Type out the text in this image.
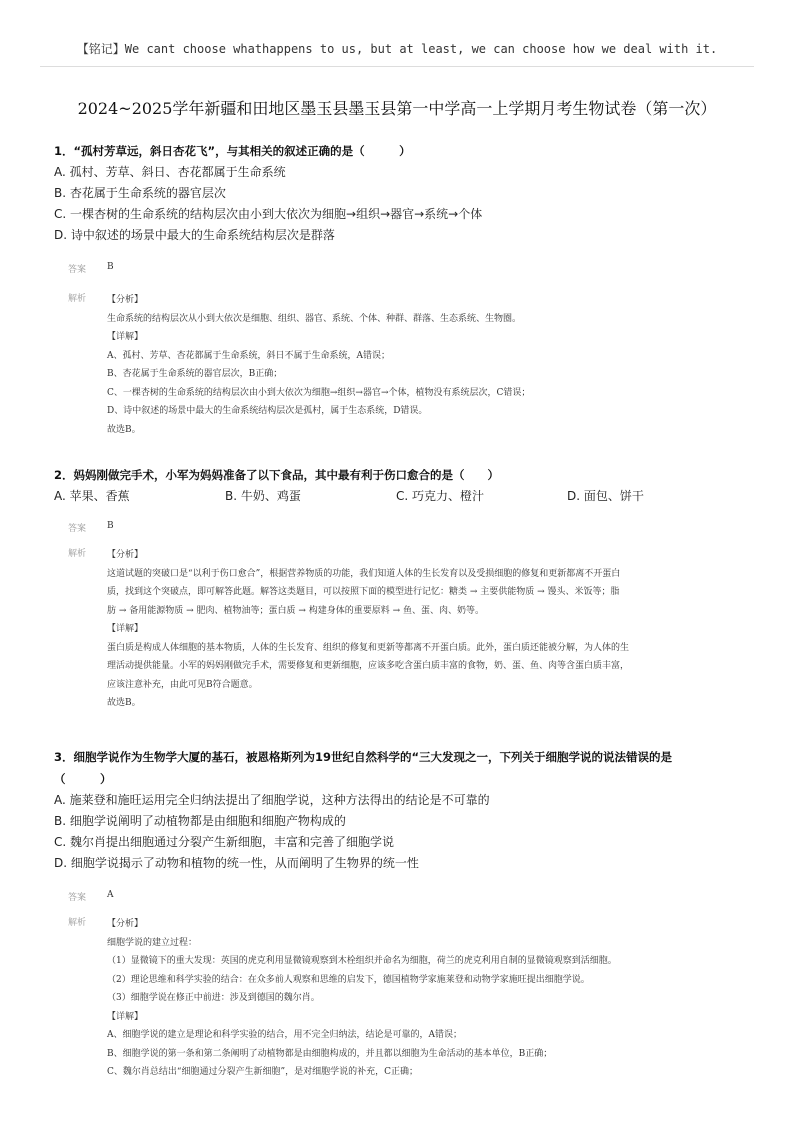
【铭记】We cant choose whathappens to us, but at least, we can choose how we deal with it.
2024~2025学年新疆和田地区墨玉县墨玉县第一中学高一上学期月考生物试卷（第一次）

1．“孤村芳草远，斜日杏花飞”，与其相关的叙述正确的是（　　　）

A. 孤村、芳草、斜日、杏花都属于生命系统

B. 杏花属于生命系统的器官层次

C. 一棵杏树的生命系统的结构层次由小到大依次为细胞→组织→器官→系统→个体

D. 诗中叙述的场景中最大的生命系统结构层次是群落

答案	B
解析	【分析】

生命系统的结构层次从小到大依次是细胞、组织、器官、系统、个体、种群、群落、生态系统、生物圈。

【详解】

A、孤村、芳草、杏花都属于生命系统，斜日不属于生命系统，A错误；

B、杏花属于生命系统的器官层次，B正确；

C、一棵杏树的生命系统的结构层次由小到大依次为细胞→组织→器官→个体，植物没有系统层次，C错误；

D、诗中叙述的场景中最大的生命系统结构层次是孤村，属于生态系统，D错误。

故选B。

2．妈妈刚做完手术，小军为妈妈准备了以下食品，其中最有利于伤口愈合的是（　　）

A. 苹果、香蕉	B. 牛奶、鸡蛋	C. 巧克力、橙汁	D. 面包、饼干

答案	B
解析	【分析】

这道试题的突破口是“以利于伤口愈合”，根据营养物质的功能，我们知道人体的生长发育以及受损细胞的修复和更新都离不开蛋白

质，找到这个突破点，即可解答此题。解答这类题目，可以按照下面的模型进行记忆：糖类 → 主要供能物质 → 馒头、米饭等；脂

肪 → 备用能源物质 → 肥肉、植物油等；蛋白质 → 构建身体的重要原料 → 鱼、蛋、肉、奶等。

【详解】

蛋白质是构成人体细胞的基本物质，人体的生长发育、组织的修复和更新等都离不开蛋白质。此外，蛋白质还能被分解，为人体的生

理活动提供能量。小军的妈妈刚做完手术，需要修复和更新细胞，应该多吃含蛋白质丰富的食物，奶、蛋、鱼、肉等含蛋白质丰富，

应该注意补充，由此可见B符合题意。

故选B。

3．细胞学说作为生物学大厦的基石，被恩格斯列为19世纪自然科学的“三大发现之一，下列关于细胞学说的说法错误的是

（　　　）

A. 施莱登和施旺运用完全归纳法提出了细胞学说，这种方法得出的结论是不可靠的

B. 细胞学说阐明了动植物都是由细胞和细胞产物构成的

C. 魏尔肖提出细胞通过分裂产生新细胞，丰富和完善了细胞学说

D. 细胞学说揭示了动物和植物的统一性，从而阐明了生物界的统一性

答案	A
解析	【分析】

细胞学说的建立过程：

（1）显微镜下的重大发现：英国的虎克利用显微镜观察到木栓组织并命名为细胞，荷兰的虎克利用自制的显微镜观察到活细胞。

（2）理论思维和科学实验的结合：在众多前人观察和思维的启发下，德国植物学家施莱登和动物学家施旺提出细胞学说。

（3）细胞学说在修正中前进：涉及到德国的魏尔肖。

【详解】

A、细胞学说的建立是理论和科学实验的结合，用不完全归纳法，结论是可靠的，A错误；

B、细胞学说的第一条和第二条阐明了动植物都是由细胞构成的，并且都以细胞为生命活动的基本单位，B正确；

C、魏尔肖总结出“细胞通过分裂产生新细胞”，是对细胞学说的补充，C正确；
